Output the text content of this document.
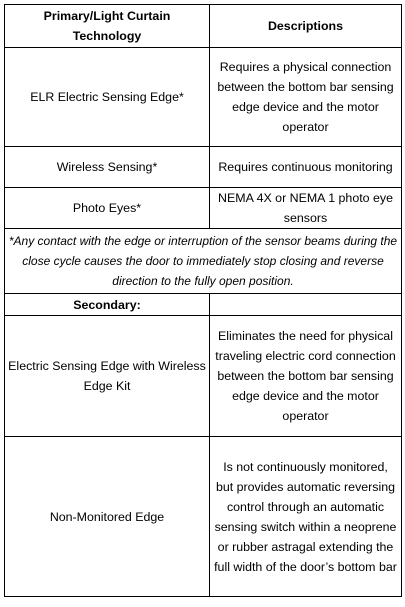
Primary/Light Curtain Technology	Descriptions
ELR Electric Sensing Edge*	Requires a physical connection between the bottom bar sensing edge device and the motor operator
Wireless Sensing*	Requires continuous monitoring
Photo Eyes*	NEMA 4X or NEMA 1 photo eye sensors
*Any contact with the edge or interruption of the sensor beams during the close cycle causes the door to immediately stop closing and reverse direction to the fully open position.	
Secondary:	
Electric Sensing Edge with Wireless Edge Kit	Eliminates the need for physical traveling electric cord connection between the bottom bar sensing edge device and the motor operator
Non-Monitored Edge	Is not continuously monitored, but provides automatic reversing control through an automatic sensing switch within a neoprene or rubber astragal extending the full width of the door’s bottom bar
